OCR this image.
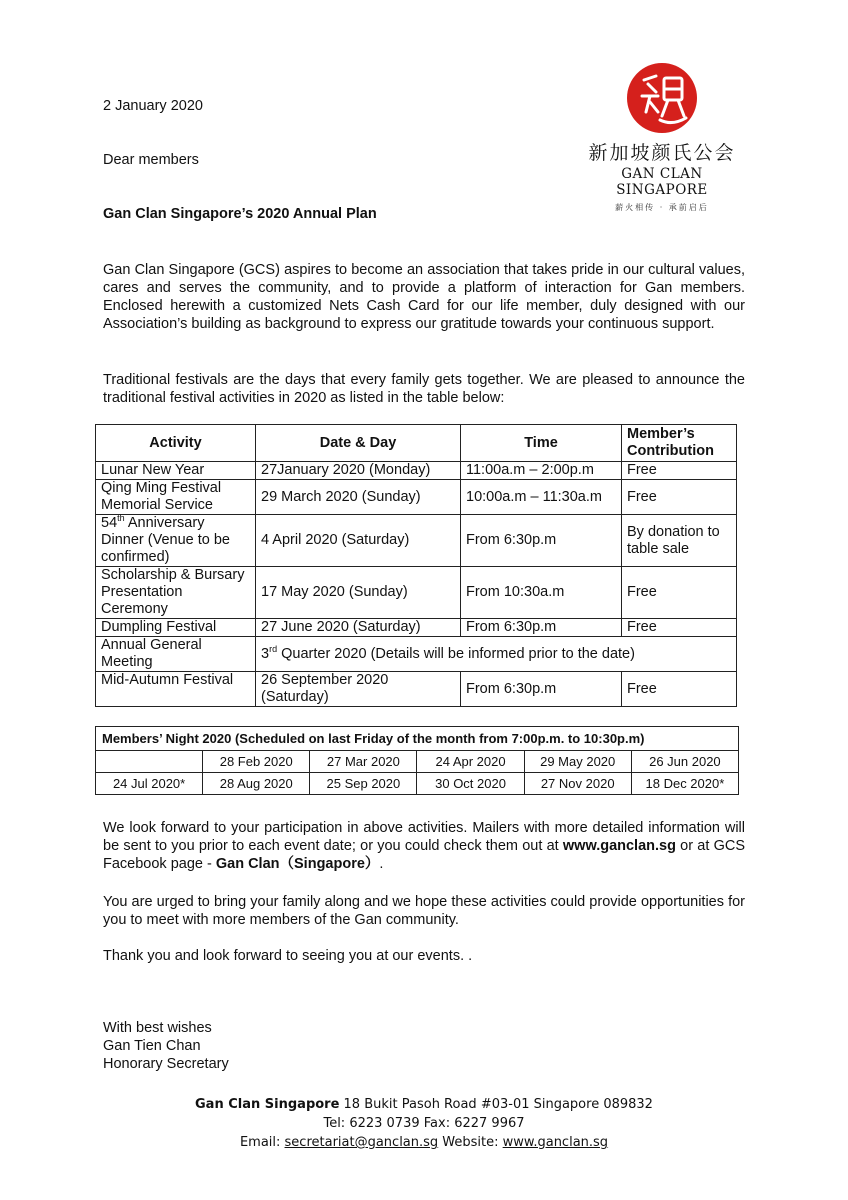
2 January 2020
Dear members
Gan Clan Singapore’s 2020 Annual Plan
新加坡颜氏公会
GAN CLAN SINGAPORE
薪火相传 · 承前启后
Gan Clan Singapore (GCS) aspires to become an association that takes pride in our cultural values, cares and serves the community, and to provide a platform of interaction for Gan members. Enclosed herewith a customized Nets Cash Card for our life member, duly designed with our Association’s building as background to express our gratitude towards your continuous support.
Traditional festivals are the days that every family gets together. We are pleased to announce the traditional festival activities in 2020 as listed in the table below:
Activity	Date & Day	Time	Member’s Contribution
Lunar New Year	27January 2020 (Monday)	11:00a.m – 2:00p.m	Free
Qing Ming Festival Memorial Service	29 March 2020 (Sunday)	10:00a.m – 11:30a.m	Free
54th Anniversary Dinner (Venue to be confirmed)	4 April 2020 (Saturday)	From 6:30p.m	By donation to table sale
Scholarship & Bursary Presentation Ceremony	17 May 2020 (Sunday)	From 10:30a.m	Free
Dumpling Festival	27 June 2020 (Saturday)	From 6:30p.m	Free
Annual General Meeting	3rd Quarter 2020 (Details will be informed prior to the date)		
Mid-Autumn Festival	26 September 2020 (Saturday)	From 6:30p.m	Free
Members’ Night 2020 (Scheduled on last Friday of the month from 7:00p.m. to 10:30p.m)					
	28 Feb 2020	27 Mar 2020	24 Apr 2020	29 May 2020	26 Jun 2020
24 Jul 2020*	28 Aug 2020	25 Sep 2020	30 Oct 2020	27 Nov 2020	18 Dec 2020*
We look forward to your participation in above activities. Mailers with more detailed information will be sent to you prior to each event date; or you could check them out at www.ganclan.sg or at GCS Facebook page - Gan Clan（Singapore）.
You are urged to bring your family along and we hope these activities could provide opportunities for you to meet with more members of the Gan community.
Thank you and look forward to seeing you at our events. .
With best wishes
Gan Tien Chan
Honorary Secretary
Gan Clan Singapore 18 Bukit Pasoh Road #03-01 Singapore 089832
Tel: 6223 0739 Fax: 6227 9967
Email: secretariat@ganclan.sg Website: www.ganclan.sg
